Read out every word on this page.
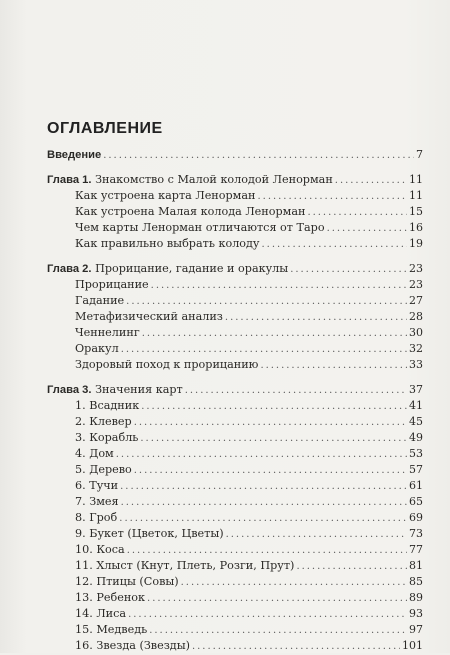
ОГЛАВЛЕНИЕ
Введение . . .	7
Глава 1. Знакомство с Малой колодой Ленорман . . .	11
Как устроена карта Ленорман . . .	11
Как устроена Малая колода Ленорман . . .	15
Чем карты Ленорман отличаются от Таро . . .	16
Как правильно выбрать колоду . . .	19
Глава 2. Прорицание, гадание и оракулы . . .	23
Прорицание . . .	23
Гадание . . .	27
Метафизический анализ . . .	28
Ченнелинг . . .	30
Оракул . . .	32
Здоровый поход к прорицанию . . .	33
Глава 3. Значения карт . . .	37
1. Всадник . . .	41
2. Клевер . . .	45
3. Корабль . . .	49
4. Дом . . .	53
5. Дерево . . .	57
6. Тучи . . .	61
7. Змея . . .	65
8. Гроб . . .	69
9. Букет (Цветок, Цветы) . . .	73
10. Коса . . .	77
11. Хлыст (Кнут, Плеть, Розги, Прут) . . .	81
12. Птицы (Совы) . . .	85
13. Ребенок . . .	89
14. Лиса . . .	93
15. Медведь . . .	97
16. Звезда (Звезды) . . .	101
